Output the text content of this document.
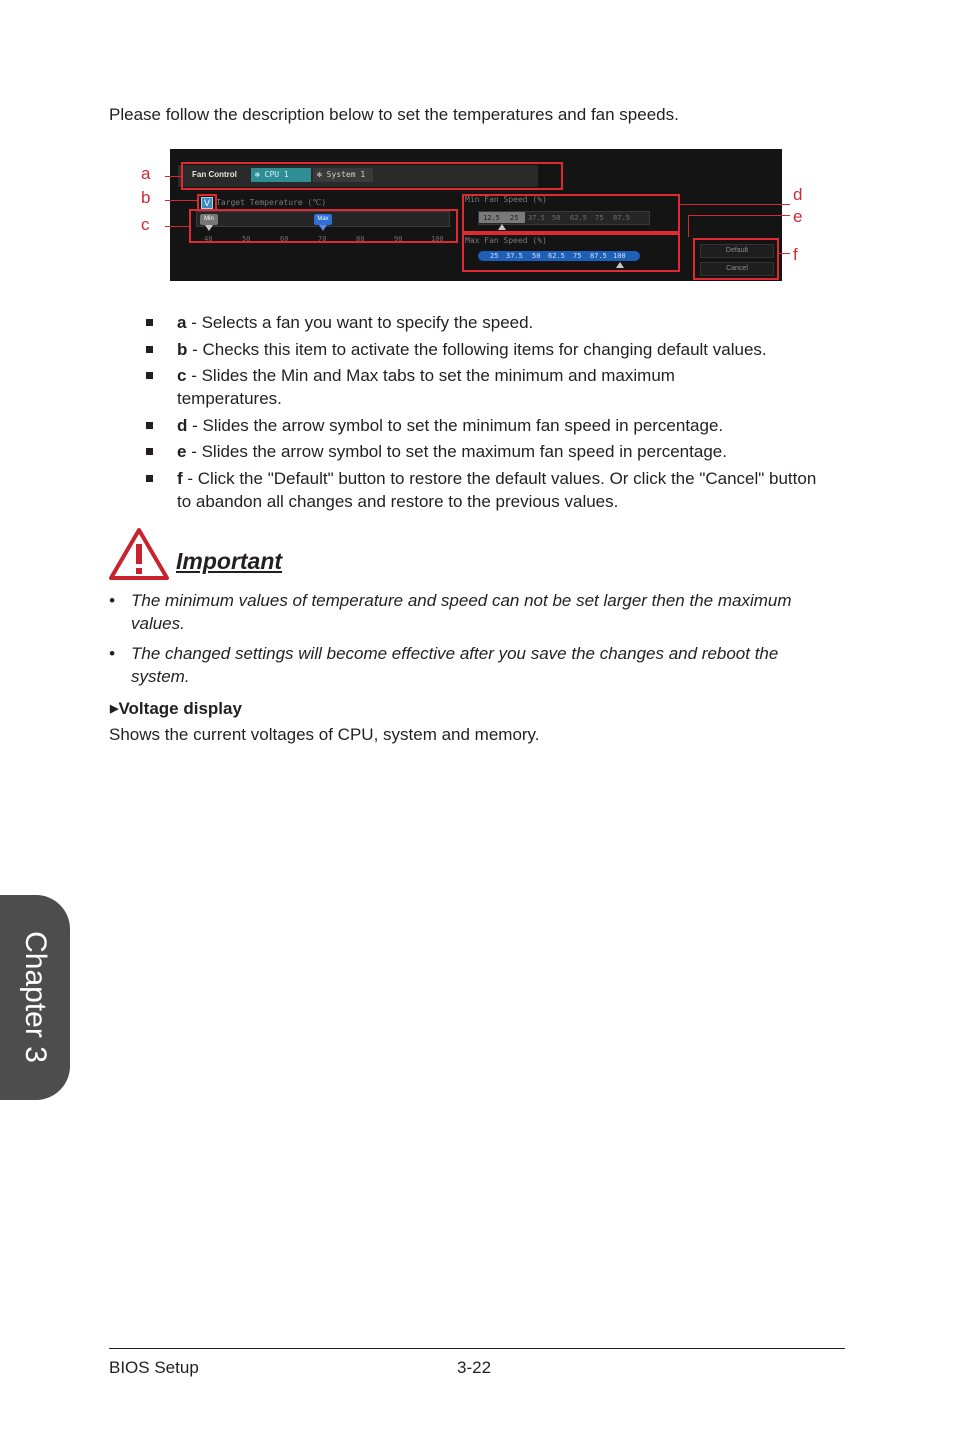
Please follow the description below to set the temperatures and fan speeds.
Fan Control	✻ CPU 1	✻ System 1
V Target Temperature (℃)
Min	Max
40	50	60	70	80	90	100
Min Fan Speed (%)
12.5 25 37.5 50 62.5 75 87.5
Max Fan Speed (%)
25 37.5 50 62.5 75 87.5 100
Default
Cancel
a
b
c
d
e
f
a - Selects a fan you want to specify the speed.
b - Checks this item to activate the following items for changing default values.
c - Slides the Min and Max tabs to set the minimum and maximum temperatures.
d - Slides the arrow symbol to set the minimum fan speed in percentage.
e - Slides the arrow symbol to set the maximum fan speed in percentage.
f - Click the "Default" button to restore the default values. Or click the "Cancel" button to abandon all changes and restore to the previous values.
Important
• The minimum values of temperature and speed can not be set larger then the maximum values.
• The changed settings will become effective after you save the changes and reboot the system.
▶Voltage display
Shows the current voltages of CPU, system and memory.
Chapter 3
BIOS Setup	3-22
